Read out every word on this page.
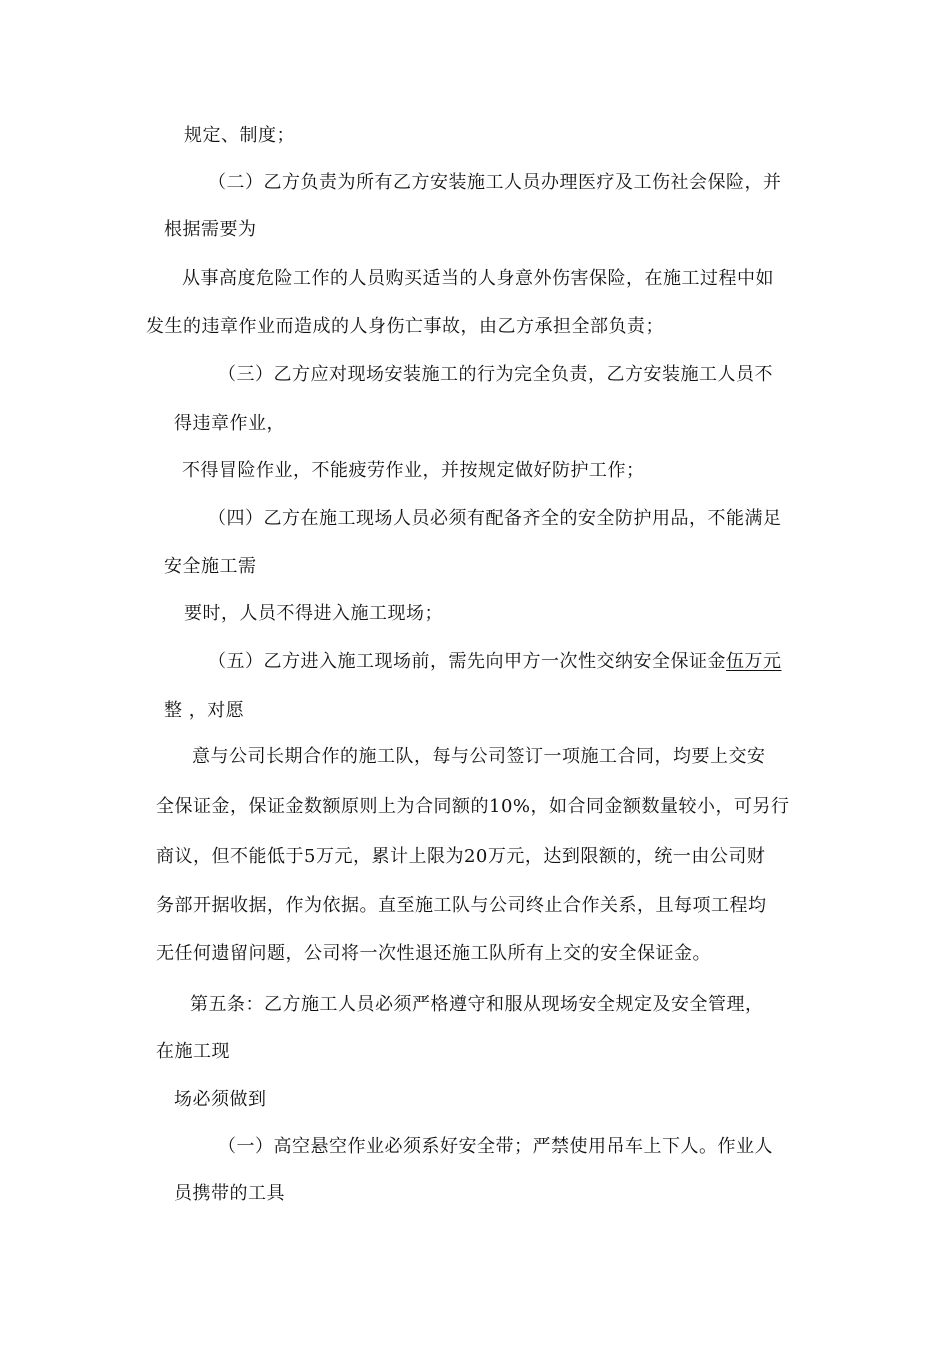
规定、制度；
（二）乙方负责为所有乙方安装施工人员办理医疗及工伤社会保险，并
根据需要为
从事高度危险工作的人员购买适当的人身意外伤害保险，在施工过程中如
发生的违章作业而造成的人身伤亡事故，由乙方承担全部负责；
（三）乙方应对现场安装施工的行为完全负责，乙方安装施工人员不
得违章作业，
不得冒险作业，不能疲劳作业，并按规定做好防护工作；
（四）乙方在施工现场人员必须有配备齐全的安全防护用品，不能满足
安全施工需
要时，人员不得进入施工现场；
（五）乙方进入施工现场前，需先向甲方一次性交纳安全保证金伍万元
整 ，对愿
意与公司长期合作的施工队，每与公司签订一项施工合同，均要上交安
全保证金，保证金数额原则上为合同额的10%，如合同金额数量较小，可另行
商议，但不能低于5万元，累计上限为20万元，达到限额的，统一由公司财
务部开据收据，作为依据。直至施工队与公司终止合作关系，且每项工程均
无任何遗留问题，公司将一次性退还施工队所有上交的安全保证金。
第五条：乙方施工人员必须严格遵守和服从现场安全规定及安全管理，
在施工现
场必须做到
（一）高空悬空作业必须系好安全带；严禁使用吊车上下人。作业人
员携带的工具
